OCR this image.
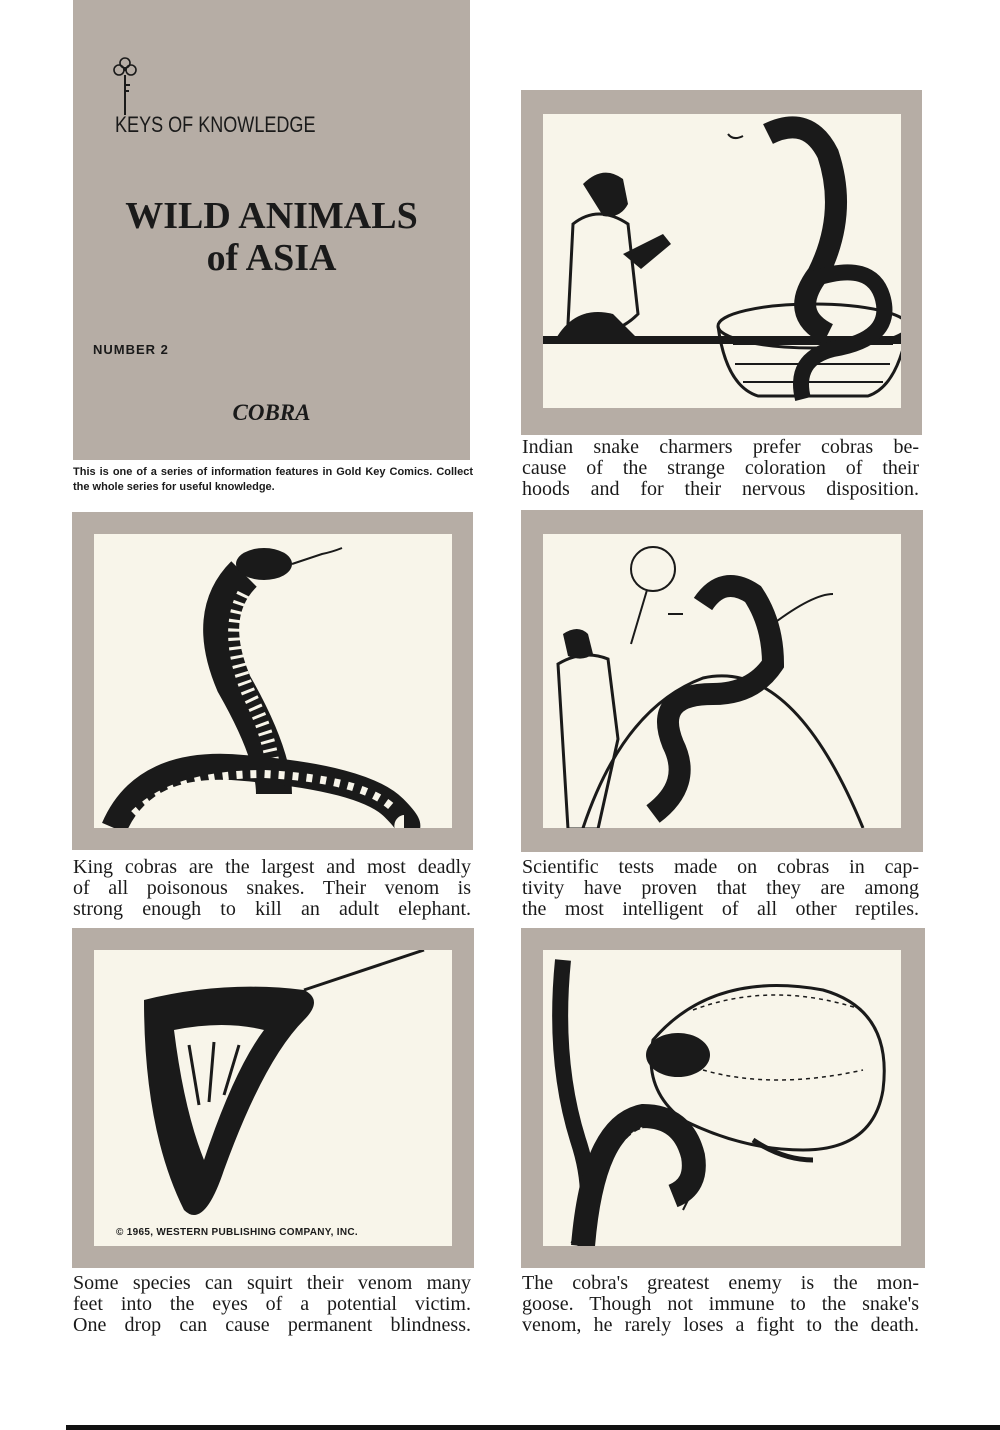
KEYS OF KNOWLEDGE
WILD ANIMALS
of ASIA
NUMBER 2
COBRA
This is one of a series of information features in Gold Key Comics. Collect the whole series for useful knowledge.
Indian snake charmers prefer cobras be-
cause of the strange coloration of their
hoods and for their nervous disposition.
King cobras are the largest and most deadly
of all poisonous snakes. Their venom is
strong enough to kill an adult elephant.
Scientific tests made on cobras in cap-
tivity have proven that they are among
the most intelligent of all other reptiles.
© 1965, WESTERN PUBLISHING COMPANY, INC.
Some species can squirt their venom many
feet into the eyes of a potential victim.
One drop can cause permanent blindness.
The cobra's greatest enemy is the mon-
goose. Though not immune to the snake's
venom, he rarely loses a fight to the death.
